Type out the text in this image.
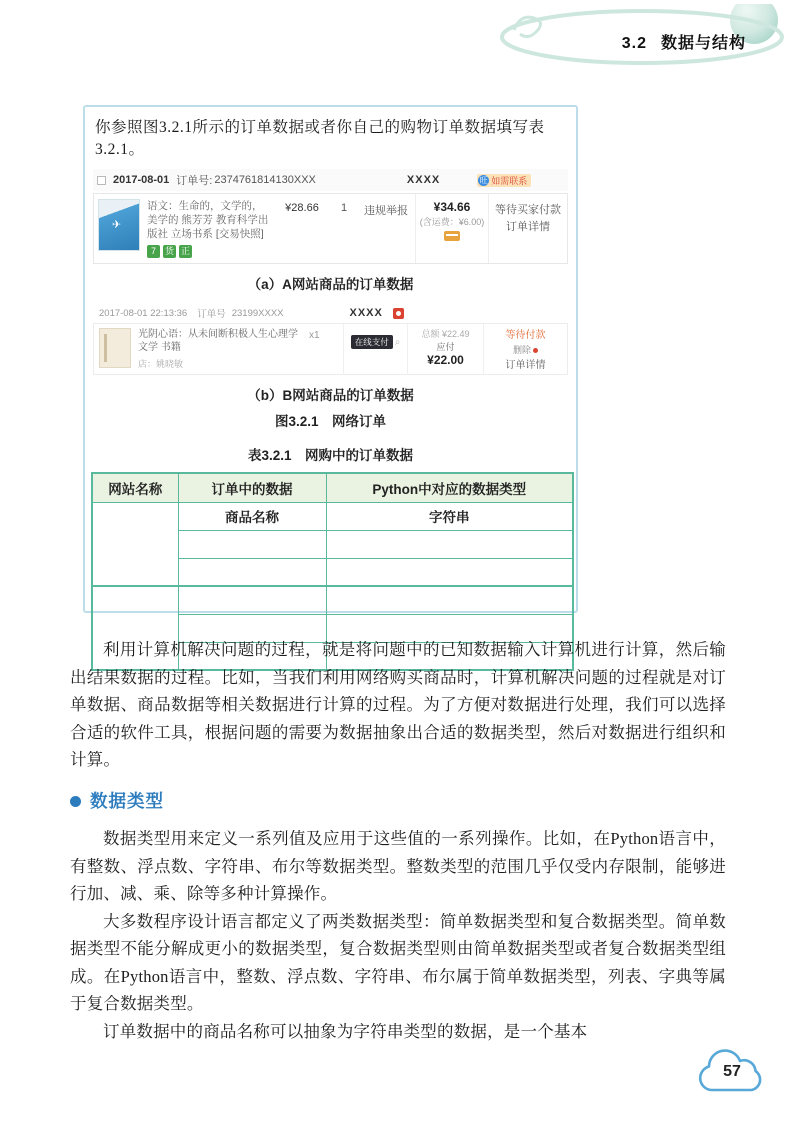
3.2 数据与结构
你参照图3.2.1所示的订单数据或者你自己的购物订单数据填写表3.2.1。
2017-08-01 订单号: 2374761814130XXX	XXXX	旺 如需联系
✈
语文：生命的，文学的，美学的 熊芳芳 教育科学出版社 立场书系 [交易快照]
7 货 正
¥28.66	1	违规举报	¥34.66
(含运费：¥6.00)
等待买家付款
订单详情
（a）A网站商品的订单数据
2017-08-01 22:13:36 订单号 23199XXXX	XXXX
光阴心语：从未间断积极人生心理学 文学 书籍
店：姚晓敏
x1
在线支付 ⌕
总额 ¥22.49
应付
¥22.00
等待付款
删除
订单详情
（b）B网站商品的订单数据
图3.2.1　网络订单
表3.2.1　网购中的订单数据
网站名称	订单中的数据	Python中对应的数据类型
	商品名称	字符串

利用计算机解决问题的过程，就是将问题中的已知数据输入计算机进行计算，然后输出结果数据的过程。比如，当我们利用网络购买商品时，计算机解决问题的过程就是对订单数据、商品数据等相关数据进行计算的过程。为了方便对数据进行处理，我们可以选择合适的软件工具，根据问题的需要为数据抽象出合适的数据类型，然后对数据进行组织和计算。

数据类型

数据类型用来定义一系列值及应用于这些值的一系列操作。比如，在Python语言中，有整数、浮点数、字符串、布尔等数据类型。整数类型的范围几乎仅受内存限制，能够进行加、减、乘、除等多种计算操作。

大多数程序设计语言都定义了两类数据类型：简单数据类型和复合数据类型。简单数据类型不能分解成更小的数据类型，复合数据类型则由简单数据类型或者复合数据类型组成。在Python语言中，整数、浮点数、字符串、布尔属于简单数据类型，列表、字典等属于复合数据类型。

订单数据中的商品名称可以抽象为字符串类型的数据，是一个基本

57
